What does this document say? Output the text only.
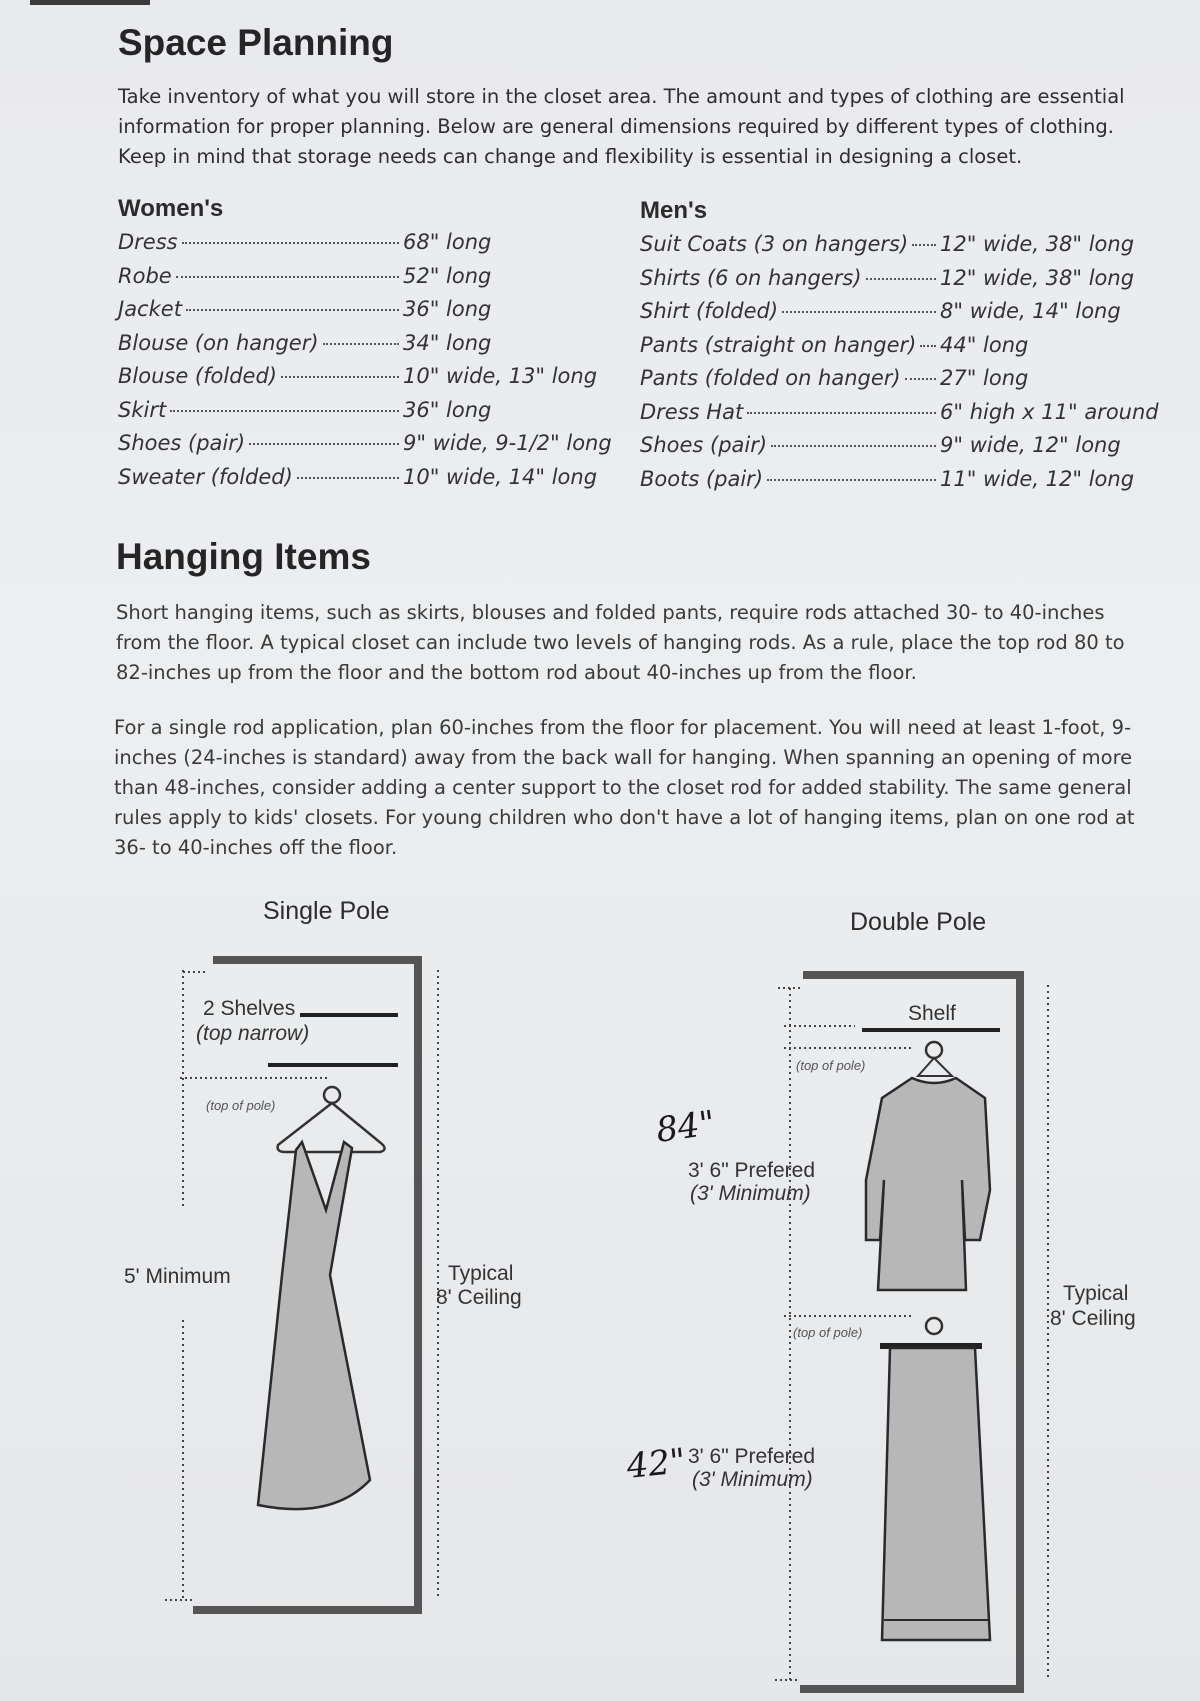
Space Planning

Take inventory of what you will store in the closet area. The amount and types of clothing are essential information for proper planning. Below are general dimensions required by different types of clothing. Keep in mind that storage needs can change and flexibility is essential in designing a closet.

Women's
Dress	68" long
Robe	52" long
Jacket	36" long
Blouse (on hanger)	34" long
Blouse (folded)	10" wide, 13" long
Skirt	36" long
Shoes (pair)	9" wide, 9-1/2" long
Sweater (folded)	10" wide, 14" long
Men's
Suit Coats (3 on hangers) 12" wide, 38" long
Shirts (6 on hangers)	12" wide, 38" long
Shirt (folded)	8" wide, 14" long
Pants (straight on hanger) 44" long
Pants (folded on hanger) 27" long
Dress Hat	6" high x 11" around
Shoes (pair)	9" wide, 12" long
Boots (pair)	11" wide, 12" long
Hanging Items

Short hanging items, such as skirts, blouses and folded pants, require rods attached 30- to 40-inches from the floor. A typical closet can include two levels of hanging rods. As a rule, place the top rod 80 to 82-inches up from the floor and the bottom rod about 40-inches up from the floor.

For a single rod application, plan 60-inches from the floor for placement. You will need at least 1-foot, 9-inches (24-inches is standard) away from the back wall for hanging. When spanning an opening of more than 48-inches, consider adding a center support to the closet rod for added stability. The same general rules apply to kids' closets. For young children who don't have a lot of hanging items, plan on one rod at 36- to 40-inches off the floor.

Single Pole
2 Shelves
(top narrow)
(top of pole)
5' Minimum	Typical
8' Ceiling
Double Pole
Shelf
(top of pole)
(top of pole)
3' 6" Prefered
(3' Minimum)
3' 6" Prefered
(3' Minimum)
Typical
8' Ceiling
84"
42"
